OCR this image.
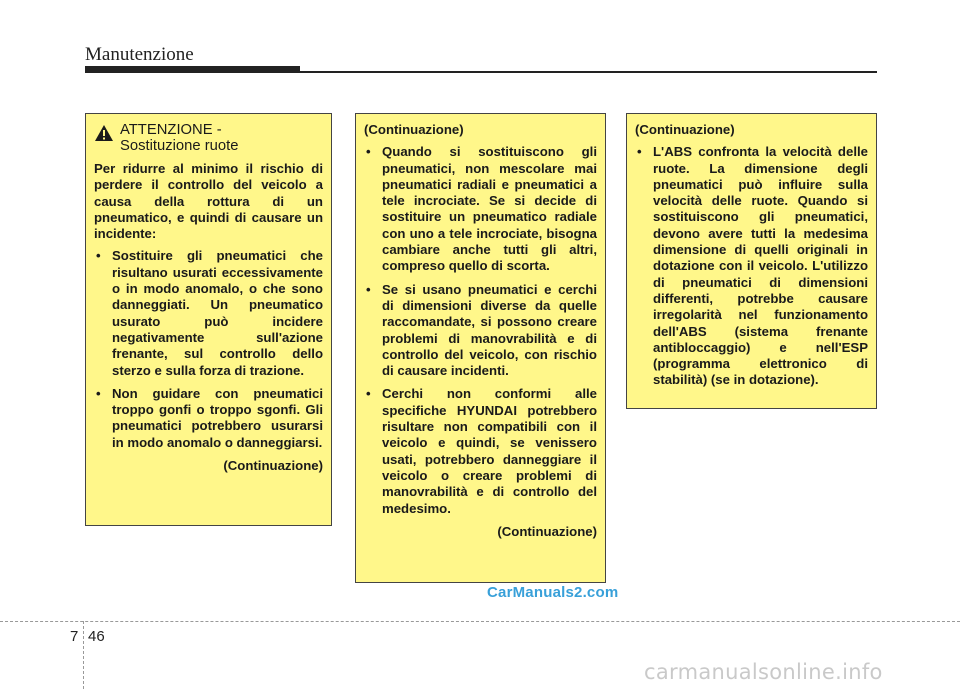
Manutenzione
ATTENZIONE -
Sostituzione ruote

Per ridurre al minimo il rischio di perdere il controllo del veicolo a causa della rottura di un pneumatico, e quindi di causare un incidente:

• Sostituire gli pneumatici che risultano usurati eccessivamente o in modo anomalo, o che sono danneggiati. Un pneumatico usurato può incidere negativamente sull'azione frenante, sul controllo dello sterzo e sulla forza di trazione.
• Non guidare con pneumatici troppo gonfi o troppo sgonfi. Gli pneumatici potrebbero usurarsi in modo anomalo o danneggiarsi.
(Continuazione)
(Continuazione)
• Quando si sostituiscono gli pneumatici, non mescolare mai pneumatici radiali e pneumatici a tele incrociate. Se si decide di sostituire un pneumatico radiale con uno a tele incrociate, bisogna cambiare anche tutti gli altri, compreso quello di scorta.
• Se si usano pneumatici e cerchi di dimensioni diverse da quelle raccomandate, si possono creare problemi di manovrabilità e di controllo del veicolo, con rischio di causare incidenti.
• Cerchi non conformi alle specifiche HYUNDAI potrebbero risultare non compatibili con il veicolo e quindi, se venissero usati, potrebbero danneggiare il veicolo o creare problemi di manovrabilità e di controllo del medesimo.
(Continuazione)
(Continuazione)
• L'ABS confronta la velocità delle ruote. La dimensione degli pneumatici può influire sulla velocità delle ruote. Quando si sostituiscono gli pneumatici, devono avere tutti la medesima dimensione di quelli originali in dotazione con il veicolo. L'utilizzo di pneumatici di dimensioni differenti, potrebbe causare irregolarità nel funzionamento dell'ABS (sistema frenante antibloccaggio) e nell'ESP (programma elettronico di stabilità) (se in dotazione).
CarManuals2.com
7 46
carmanualsonline.info
